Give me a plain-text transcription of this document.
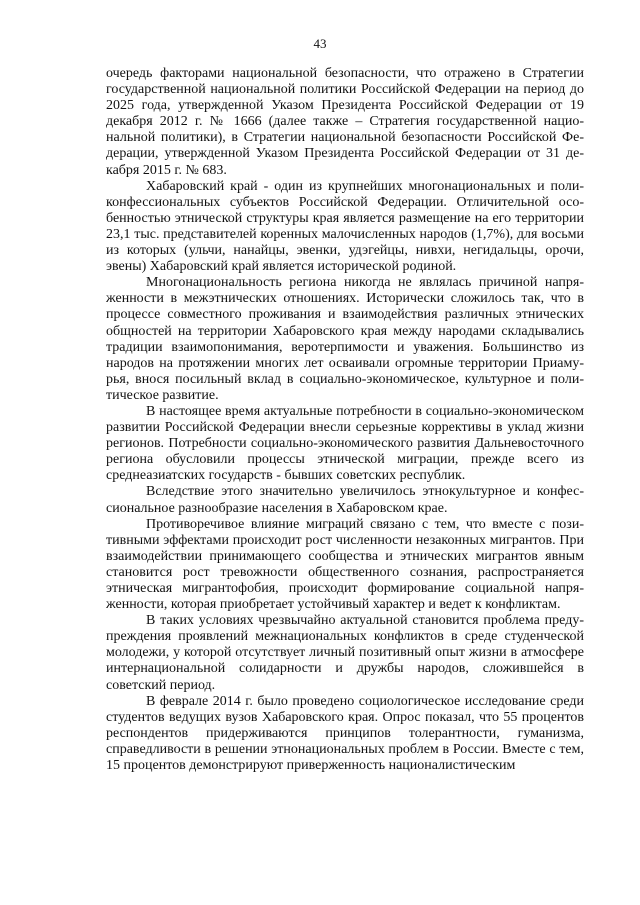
43

очередь факторами национальной безопасности, что отражено в Стратегии государственной национальной политики Российской Федерации на период до 2025 года, утвержденной Указом Президента Российской Федерации от 19 декабря 2012 г. № 1666 (далее также – Стратегия государственной национальной политики), в Стратегии национальной безопасности Российской Федерации, утвержденной Указом Президента Российской Федерации от 31 декабря 2015 г. № 683.

Хабаровский край - один из крупнейших многонациональных и поликонфессиональных субъектов Российской Федерации. Отличительной особенностью этнической структуры края является размещение на его территории 23,1 тыс. представителей коренных малочисленных народов (1,7%), для восьми из которых (ульчи, нанайцы, эвенки, удэгейцы, нивхи, негидальцы, орочи, эвены) Хабаровский край является исторической родиной.

Многонациональность региона никогда не являлась причиной напряженности в межэтнических отношениях. Исторически сложилось так, что в процессе совместного проживания и взаимодействия различных этнических общностей на территории Хабаровского края между народами складывались традиции взаимопонимания, веротерпимости и уважения. Большинство из народов на протяжении многих лет осваивали огромные территории Приамурья, внося посильный вклад в социально-экономическое, культурное и политическое развитие.

В настоящее время актуальные потребности в социально-экономическом развитии Российской Федерации внесли серьезные коррективы в уклад жизни регионов. Потребности социально-экономического развития Дальневосточного региона обусловили процессы этнической миграции, прежде всего из среднеазиатских государств - бывших советских республик.

Вследствие этого значительно увеличилось этнокультурное и конфессиональное разнообразие населения в Хабаровском крае.

Противоречивое влияние миграций связано с тем, что вместе с позитивными эффектами происходит рост численности незаконных мигрантов. При взаимодействии принимающего сообщества и этнических мигрантов явным становится рост тревожности общественного сознания, распространяется этническая мигрантофобия, происходит формирование социальной напряженности, которая приобретает устойчивый характер и ведет к конфликтам.

В таких условиях чрезвычайно актуальной становится проблема предупреждения проявлений межнациональных конфликтов в среде студенческой молодежи, у которой отсутствует личный позитивный опыт жизни в атмосфере интернациональной солидарности и дружбы народов, сложившейся в советский период.

В феврале 2014 г. было проведено социологическое исследование среди студентов ведущих вузов Хабаровского края. Опрос показал, что 55 процентов респондентов придерживаются принципов толерантности, гуманизма, справедливости в решении этнонациональных проблем в России. Вместе с тем, 15 процентов демонстрируют приверженность националистическим
